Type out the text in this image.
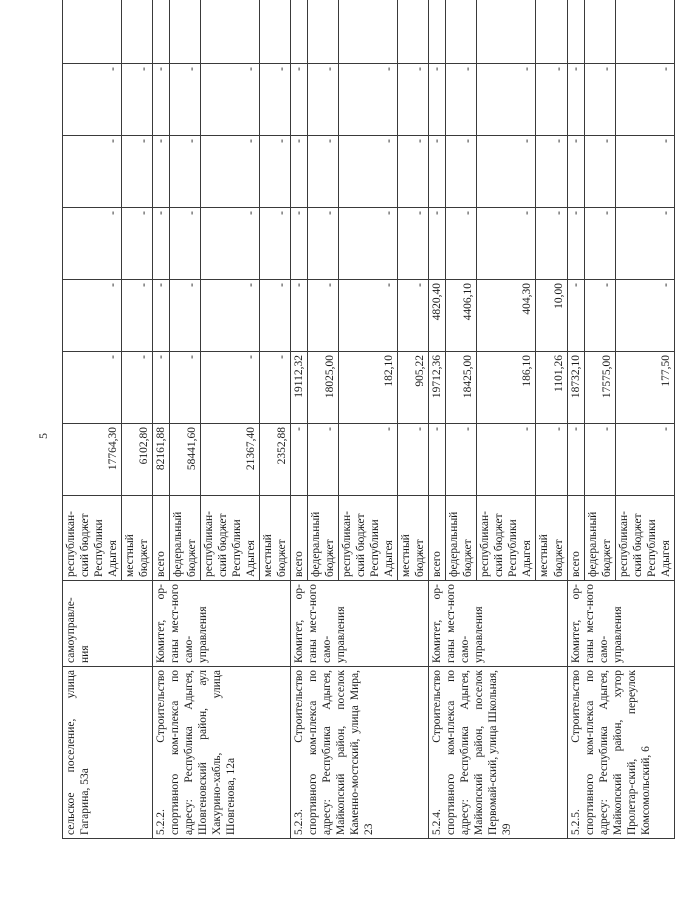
5
сельское поселение, улица Гагарина, 53а	самоуправле-ния	республикан-ский бюджет Республики Адыгея	17764,30	-	-	-	-	-	
		местный бюджет	6102,80	-	-	-	-	-	
5.2.2. Строительство спортивного ком-плекса по адресу: Республика Адыгея, Шовгеновский район, аул Хакурино-хабль, улица Шовгенова, 12а	Комитет, ор-ганы мест-ного само-управления	всего	82161,88	-	-	-	-	-	
		федеральный бюджет	58441,60	-	-	-	-	-	
		республикан-ский бюджет Республики Адыгея	21367,40	-	-	-	-	-	
		местный бюджет	2352,88	-	-	-	-	-	
5.2.3. Строительство спортивного ком-плекса по адресу: Республика Адыгея, Майкопский район, поселок Каменно-мостский, улица Мира, 23	Комитет, ор-ганы мест-ного само-управления	всего	-	19112,32	-	-	-	-	
		федеральный бюджет	-	18025,00	-	-	-	-	
		республикан-ский бюджет Республики Адыгея	-	182,10	-	-	-	-	
		местный бюджет	-	905,22	-	-	-	-	
5.2.4. Строительство спортивного ком-плекса по адресу: Республика Адыгея, Майкопский район, поселок Первомай-ский, улица Школьная, 39	Комитет, ор-ганы мест-ного само-управления	всего	-	19712,36	4820,40	-	-	-	
		федеральный бюджет	-	18425,00	4406,10	-	-	-	
		республикан-ский бюджет Республики Адыгея	-	186,10	404,30	-	-	-	
		местный бюджет	-	1101,26	10,00	-	-	-	
5.2.5. Строительство спортивного ком-плекса по адресу: Республика Адыгея, Майкопский район, хутор Пролетар-ский, переулок Комсомольский, 6	Комитет, ор-ганы мест-ного само-управления	всего	-	18732,10	-	-	-	-	
		федеральный бюджет	-	17575,00	-	-	-	-	
		республикан-ский бюджет Республики Адыгея	-	177,50	-	-	-	-	
